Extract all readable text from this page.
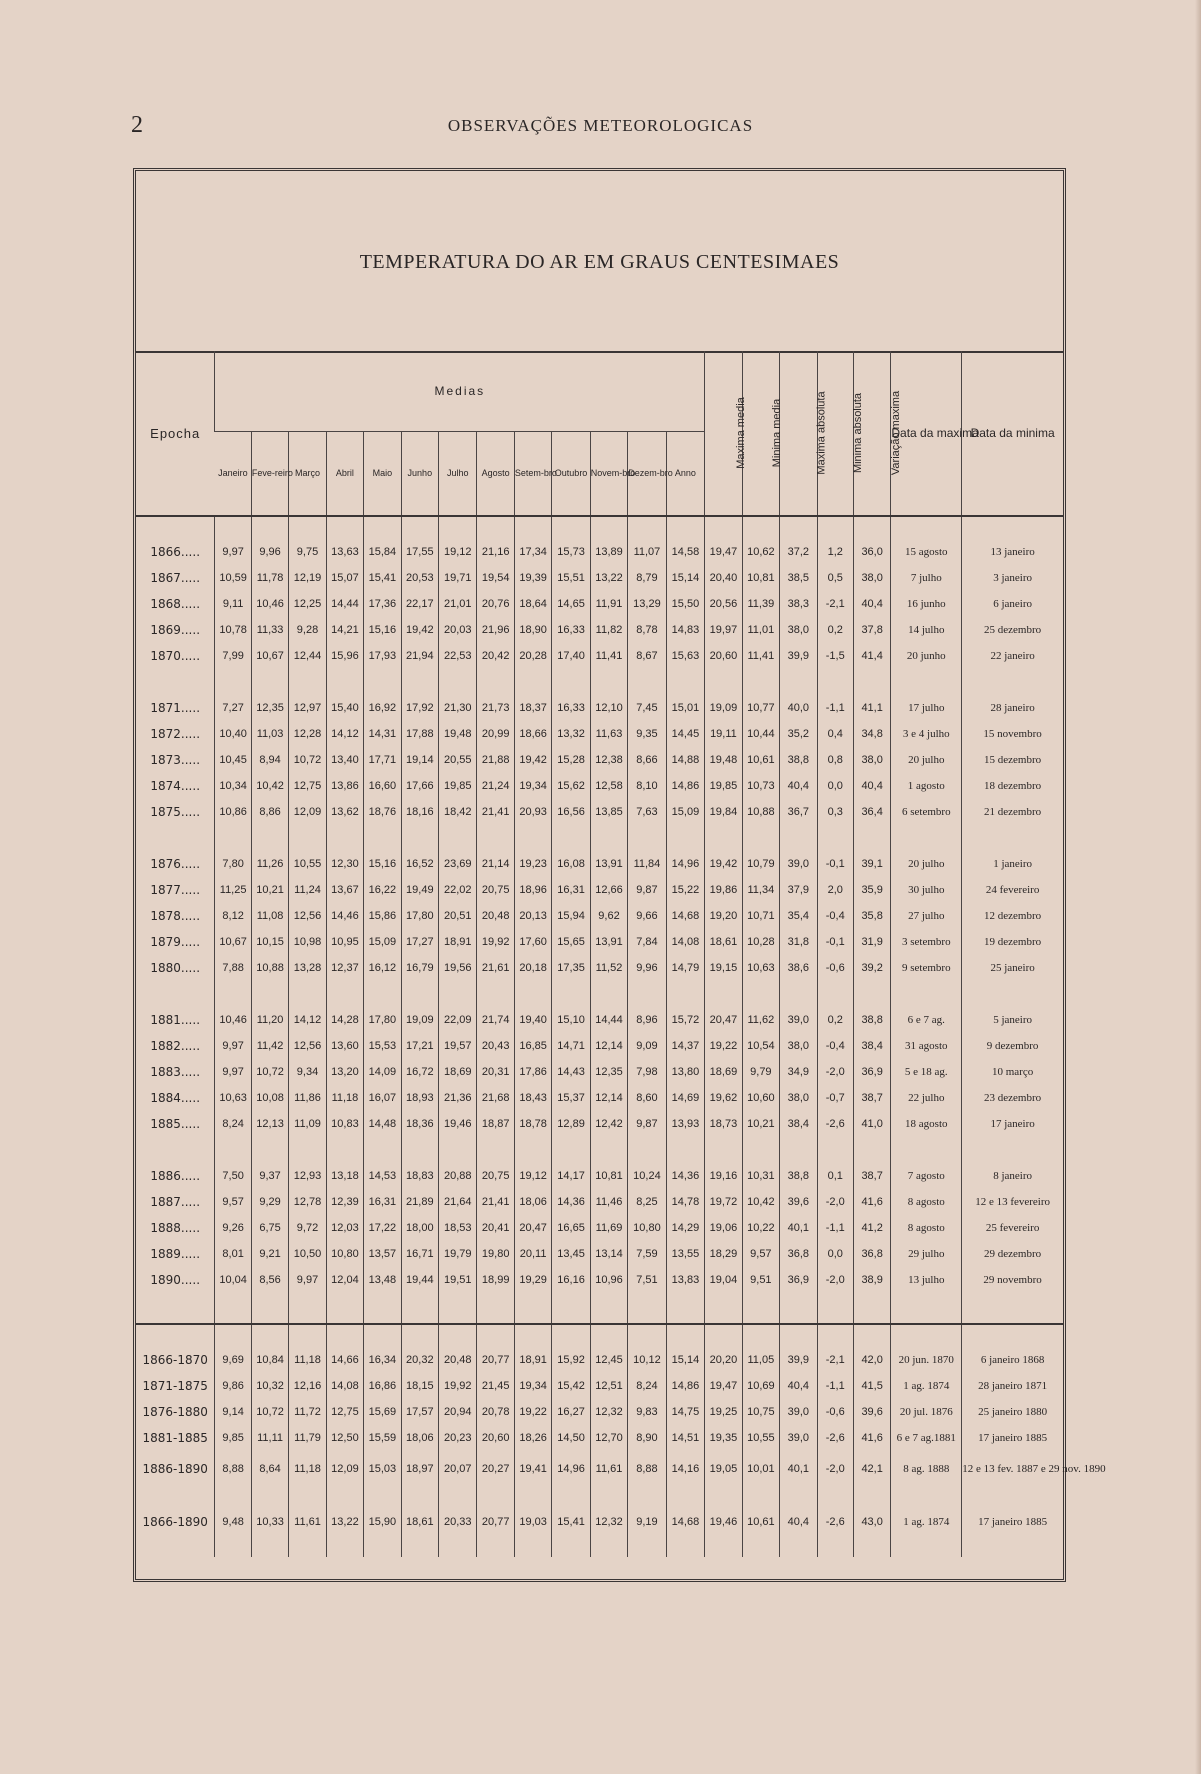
2	OBSERVAÇÕES METEOROLOGICAS
TEMPERATURA DO AR EM GRAUS CENTESIMAES
Epocha	Medias													Maxima media	Minima media	Maxima absoluta	Minima absoluta	Variação maxima	Data da maxima	Data da minima
	Janeiro	Feve-reiro	Março	Abril	Maio	Junho	Julho	Agosto	Setem-bro	Outubro	Novem-bro	Dezem-bro	Anno							

1866.....	9,97	9,96	9,75	13,63	15,84	17,55	19,12	21,16	17,34	15,73	13,89	11,07	14,58	19,47	10,62	37,2	1,2	36,0	15 agosto	13 janeiro
1867.....	10,59	11,78	12,19	15,07	15,41	20,53	19,71	19,54	19,39	15,51	13,22	8,79	15,14	20,40	10,81	38,5	0,5	38,0	7 julho	3 janeiro
1868.....	9,11	10,46	12,25	14,44	17,36	22,17	21,01	20,76	18,64	14,65	11,91	13,29	15,50	20,56	11,39	38,3	-2,1	40,4	16 junho	6 janeiro
1869.....	10,78	11,33	9,28	14,21	15,16	19,42	20,03	21,96	18,90	16,33	11,82	8,78	14,83	19,97	11,01	38,0	0,2	37,8	14 julho	25 dezembro
1870.....	7,99	10,67	12,44	15,96	17,93	21,94	22,53	20,42	20,28	17,40	11,41	8,67	15,63	20,60	11,41	39,9	-1,5	41,4	20 junho	22 janeiro

1871.....	7,27	12,35	12,97	15,40	16,92	17,92	21,30	21,73	18,37	16,33	12,10	7,45	15,01	19,09	10,77	40,0	-1,1	41,1	17 julho	28 janeiro
1872.....	10,40	11,03	12,28	14,12	14,31	17,88	19,48	20,99	18,66	13,32	11,63	9,35	14,45	19,11	10,44	35,2	0,4	34,8	3 e 4 julho	15 novembro
1873.....	10,45	8,94	10,72	13,40	17,71	19,14	20,55	21,88	19,42	15,28	12,38	8,66	14,88	19,48	10,61	38,8	0,8	38,0	20 julho	15 dezembro
1874.....	10,34	10,42	12,75	13,86	16,60	17,66	19,85	21,24	19,34	15,62	12,58	8,10	14,86	19,85	10,73	40,4	0,0	40,4	1 agosto	18 dezembro
1875.....	10,86	8,86	12,09	13,62	18,76	18,16	18,42	21,41	20,93	16,56	13,85	7,63	15,09	19,84	10,88	36,7	0,3	36,4	6 setembro	21 dezembro

1876.....	7,80	11,26	10,55	12,30	15,16	16,52	23,69	21,14	19,23	16,08	13,91	11,84	14,96	19,42	10,79	39,0	-0,1	39,1	20 julho	1 janeiro
1877.....	11,25	10,21	11,24	13,67	16,22	19,49	22,02	20,75	18,96	16,31	12,66	9,87	15,22	19,86	11,34	37,9	2,0	35,9	30 julho	24 fevereiro
1878.....	8,12	11,08	12,56	14,46	15,86	17,80	20,51	20,48	20,13	15,94	9,62	9,66	14,68	19,20	10,71	35,4	-0,4	35,8	27 julho	12 dezembro
1879.....	10,67	10,15	10,98	10,95	15,09	17,27	18,91	19,92	17,60	15,65	13,91	7,84	14,08	18,61	10,28	31,8	-0,1	31,9	3 setembro	19 dezembro
1880.....	7,88	10,88	13,28	12,37	16,12	16,79	19,56	21,61	20,18	17,35	11,52	9,96	14,79	19,15	10,63	38,6	-0,6	39,2	9 setembro	25 janeiro

1881.....	10,46	11,20	14,12	14,28	17,80	19,09	22,09	21,74	19,40	15,10	14,44	8,96	15,72	20,47	11,62	39,0	0,2	38,8	6 e 7 ag.	5 janeiro
1882.....	9,97	11,42	12,56	13,60	15,53	17,21	19,57	20,43	16,85	14,71	12,14	9,09	14,37	19,22	10,54	38,0	-0,4	38,4	31 agosto	9 dezembro
1883.....	9,97	10,72	9,34	13,20	14,09	16,72	18,69	20,31	17,86	14,43	12,35	7,98	13,80	18,69	9,79	34,9	-2,0	36,9	5 e 18 ag.	10 março
1884.....	10,63	10,08	11,86	11,18	16,07	18,93	21,36	21,68	18,43	15,37	12,14	8,60	14,69	19,62	10,60	38,0	-0,7	38,7	22 julho	23 dezembro
1885.....	8,24	12,13	11,09	10,83	14,48	18,36	19,46	18,87	18,78	12,89	12,42	9,87	13,93	18,73	10,21	38,4	-2,6	41,0	18 agosto	17 janeiro

1886.....	7,50	9,37	12,93	13,18	14,53	18,83	20,88	20,75	19,12	14,17	10,81	10,24	14,36	19,16	10,31	38,8	0,1	38,7	7 agosto	8 janeiro
1887.....	9,57	9,29	12,78	12,39	16,31	21,89	21,64	21,41	18,06	14,36	11,46	8,25	14,78	19,72	10,42	39,6	-2,0	41,6	8 agosto	12 e 13 fevereiro
1888.....	9,26	6,75	9,72	12,03	17,22	18,00	18,53	20,41	20,47	16,65	11,69	10,80	14,29	19,06	10,22	40,1	-1,1	41,2	8 agosto	25 fevereiro
1889.....	8,01	9,21	10,50	10,80	13,57	16,71	19,79	19,80	20,11	13,45	13,14	7,59	13,55	18,29	9,57	36,8	0,0	36,8	29 julho	29 dezembro
1890.....	10,04	8,56	9,97	12,04	13,48	19,44	19,51	18,99	19,29	16,16	10,96	7,51	13,83	19,04	9,51	36,9	-2,0	38,9	13 julho	29 novembro

1866-1870	9,69	10,84	11,18	14,66	16,34	20,32	20,48	20,77	18,91	15,92	12,45	10,12	15,14	20,20	11,05	39,9	-2,1	42,0	20 jun. 1870	6 janeiro 1868
1871-1875	9,86	10,32	12,16	14,08	16,86	18,15	19,92	21,45	19,34	15,42	12,51	8,24	14,86	19,47	10,69	40,4	-1,1	41,5	1 ag. 1874	28 janeiro 1871
1876-1880	9,14	10,72	11,72	12,75	15,69	17,57	20,94	20,78	19,22	16,27	12,32	9,83	14,75	19,25	10,75	39,0	-0,6	39,6	20 jul. 1876	25 janeiro 1880
1881-1885	9,85	11,11	11,79	12,50	15,59	18,06	20,23	20,60	18,26	14,50	12,70	8,90	14,51	19,35	10,55	39,0	-2,6	41,6	6 e 7 ag.1881	17 janeiro 1885
1886-1890	8,88	8,64	11,18	12,09	15,03	18,97	20,07	20,27	19,41	14,96	11,61	8,88	14,16	19,05	10,01	40,1	-2,0	42,1	8 ag. 1888	12 e 13 fev. 1887 e 29 nov. 1890

1866-1890	9,48	10,33	11,61	13,22	15,90	18,61	20,33	20,77	19,03	15,41	12,32	9,19	14,68	19,46	10,61	40,4	-2,6	43,0	1 ag. 1874	17 janeiro 1885
